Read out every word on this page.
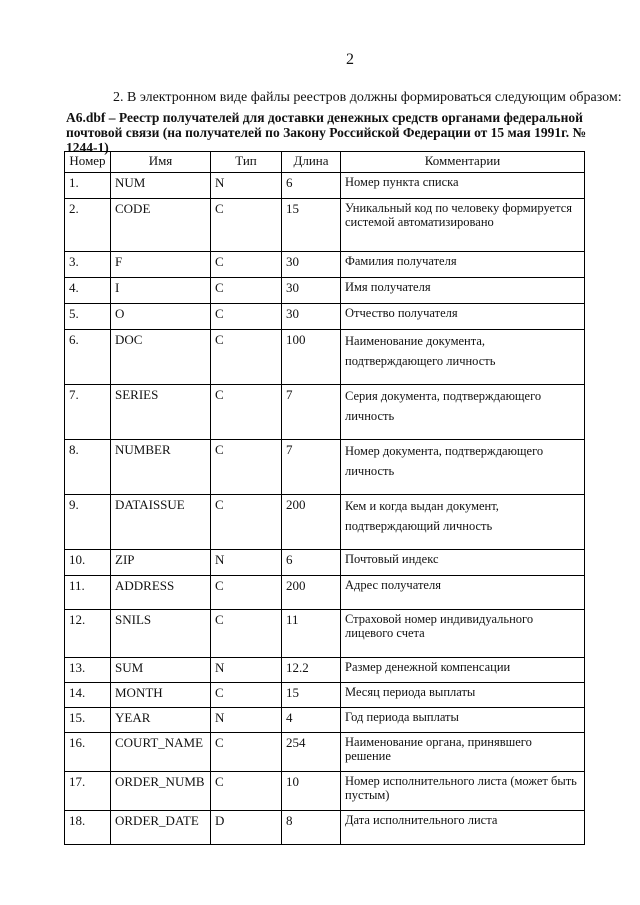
2
2. В электронном виде файлы реестров должны формироваться следующим образом:
А6.dbf – Реестр получателей для доставки денежных средств органами федеральной почтовой связи (на получателей по Закону Российской Федерации от 15 мая 1991г. № 1244-1)
Номер	Имя	Тип	Длина	Комментарии
1.	NUM	N	6	Номер пункта списка
2.	CODE	C	15	Уникальный код по человеку формируется системой автоматизировано
3.	F	C	30	Фамилия получателя
4.	I	C	30	Имя получателя
5.	O	C	30	Отчество получателя
6.	DOC	C	100	Наименование документа, подтверждающего личность
7.	SERIES	C	7	Серия документа, подтверждающего личность
8.	NUMBER	C	7	Номер документа, подтверждающего личность
9.	DATAISSUE	C	200	Кем и когда выдан документ, подтверждающий личность
10.	ZIP	N	6	Почтовый индекс
11.	ADDRESS	C	200	Адрес получателя
12.	SNILS	C	11	Страховой номер индивидуального лицевого счета
13.	SUM	N	12.2	Размер денежной компенсации
14.	MONTH	C	15	Месяц периода выплаты
15.	YEAR	N	4	Год периода выплаты
16.	COURT_NAME	C	254	Наименование органа, принявшего решение
17.	ORDER_NUMB	C	10	Номер исполнительного листа (может быть пустым)
18.	ORDER_DATE	D	8	Дата исполнительного листа
